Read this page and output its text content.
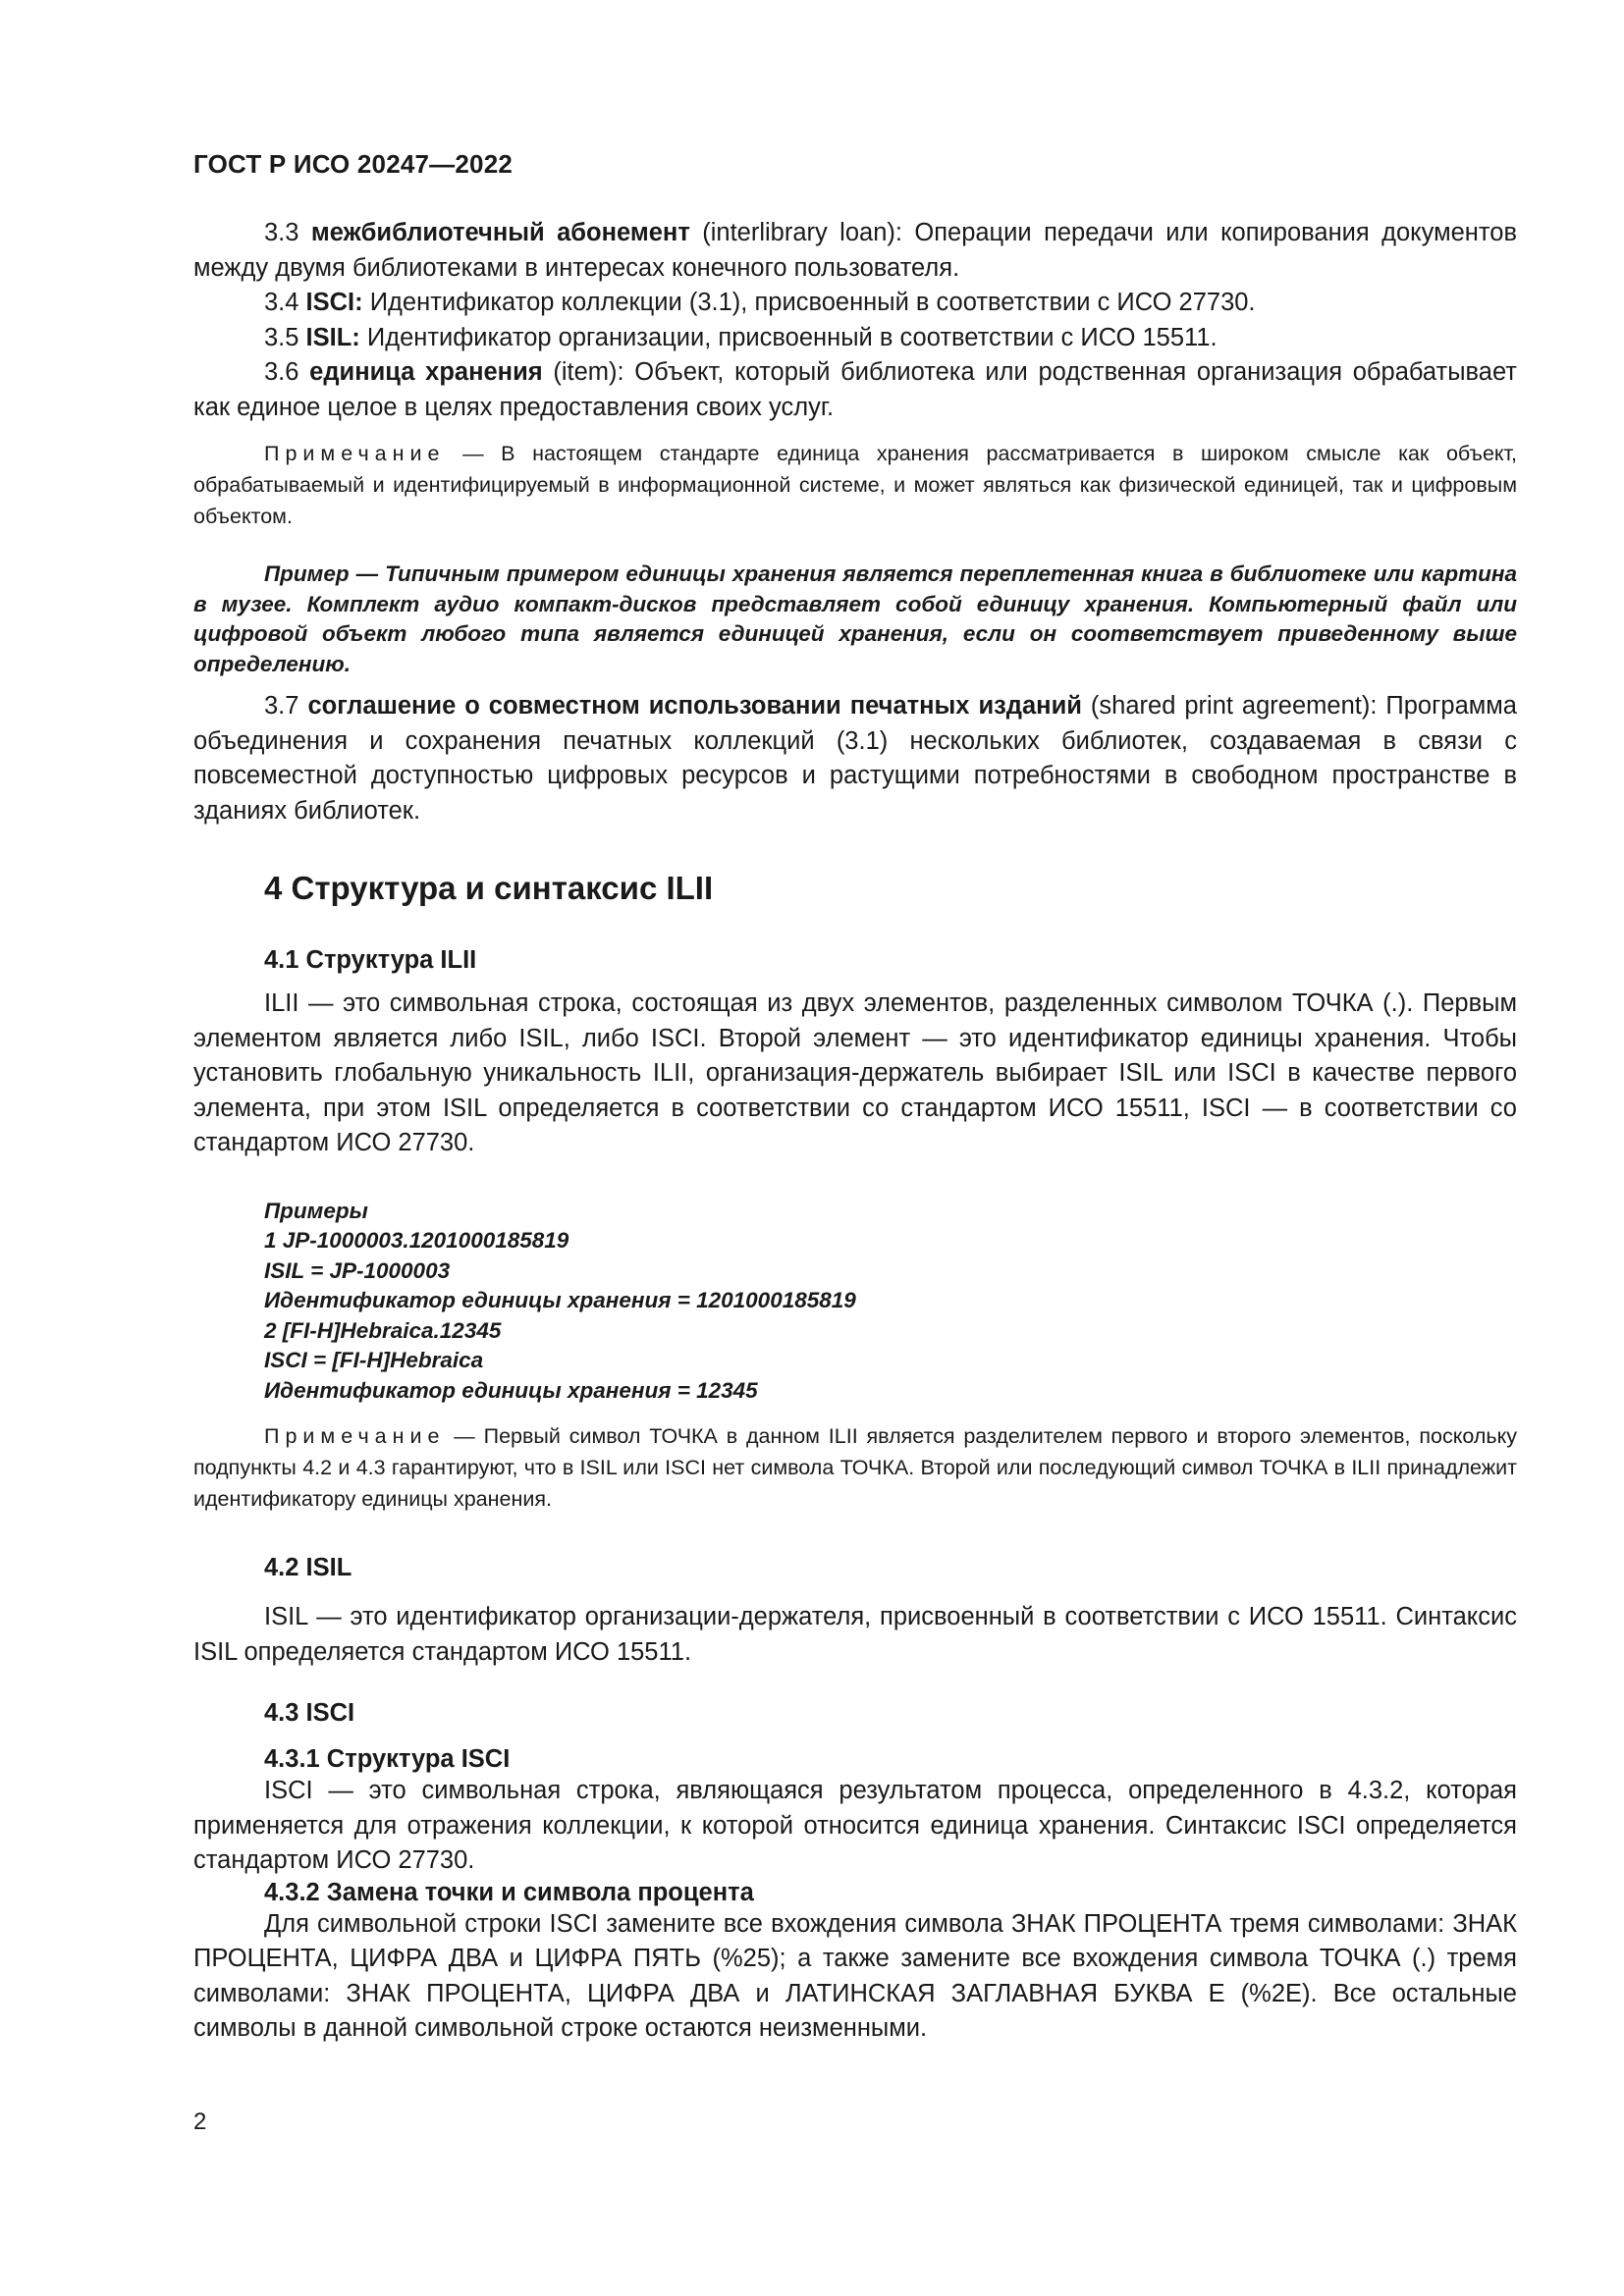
ГОСТ Р ИСО 20247—2022

3.3 межбиблиотечный абонемент (interlibrary loan): Операции передачи или копирования документов между двумя библиотеками в интересах конечного пользователя.

3.4 ISCI: Идентификатор коллекции (3.1), присвоенный в соответствии с ИСО 27730.

3.5 ISIL: Идентификатор организации, присвоенный в соответствии с ИСО 15511.

3.6 единица хранения (item): Объект, который библиотека или родственная организация обрабатывает как единое целое в целях предоставления своих услуг.

Примечание — В настоящем стандарте единица хранения рассматривается в широком смысле как объект, обрабатываемый и идентифицируемый в информационной системе, и может являться как физической единицей, так и цифровым объектом.

Пример — Типичным примером единицы хранения является переплетенная книга в библиотеке или картина в музее. Комплект аудио компакт-дисков представляет собой единицу хранения. Компьютерный файл или цифровой объект любого типа является единицей хранения, если он соответствует приведенному выше определению.

3.7 соглашение о совместном использовании печатных изданий (shared print agreement): Программа объединения и сохранения печатных коллекций (3.1) нескольких библиотек, создаваемая в связи с повсеместной доступностью цифровых ресурсов и растущими потребностями в свободном пространстве в зданиях библиотек.

4 Структура и синтаксис ILII

4.1 Структура ILII

ILII — это символьная строка, состоящая из двух элементов, разделенных символом ТОЧКА (.). Первым элементом является либо ISIL, либо ISCI. Второй элемент — это идентификатор единицы хранения. Чтобы установить глобальную уникальность ILII, организация-держатель выбирает ISIL или ISCI в качестве первого элемента, при этом ISIL определяется в соответствии со стандартом ИСО 15511, ISCI — в соответствии со стандартом ИСО 27730.

Примеры
1 JP-1000003.1201000185819
ISIL = JP-1000003
Идентификатор единицы хранения = 1201000185819
2 [FI-H]Hebraica.12345
ISCI = [FI-H]Hebraica
Идентификатор единицы хранения = 12345

Примечание — Первый символ ТОЧКА в данном ILII является разделителем первого и второго элементов, поскольку подпункты 4.2 и 4.3 гарантируют, что в ISIL или ISCI нет символа ТОЧКА. Второй или последующий символ ТОЧКА в ILII принадлежит идентификатору единицы хранения.

4.2 ISIL

ISIL — это идентификатор организации-держателя, присвоенный в соответствии с ИСО 15511. Синтаксис ISIL определяется стандартом ИСО 15511.

4.3 ISCI

4.3.1 Структура ISCI

ISCI — это символьная строка, являющаяся результатом процесса, определенного в 4.3.2, которая применяется для отражения коллекции, к которой относится единица хранения. Синтаксис ISCI определяется стандартом ИСО 27730.

4.3.2 Замена точки и символа процента

Для символьной строки ISCI замените все вхождения символа ЗНАК ПРОЦЕНТА тремя символами: ЗНАК ПРОЦЕНТА, ЦИФРА ДВА и ЦИФРА ПЯТЬ (%25); а также замените все вхождения символа ТОЧКА (.) тремя символами: ЗНАК ПРОЦЕНТА, ЦИФРА ДВА и ЛАТИНСКАЯ ЗАГЛАВНАЯ БУКВА Е (%2Е). Все остальные символы в данной символьной строке остаются неизменными.

2
